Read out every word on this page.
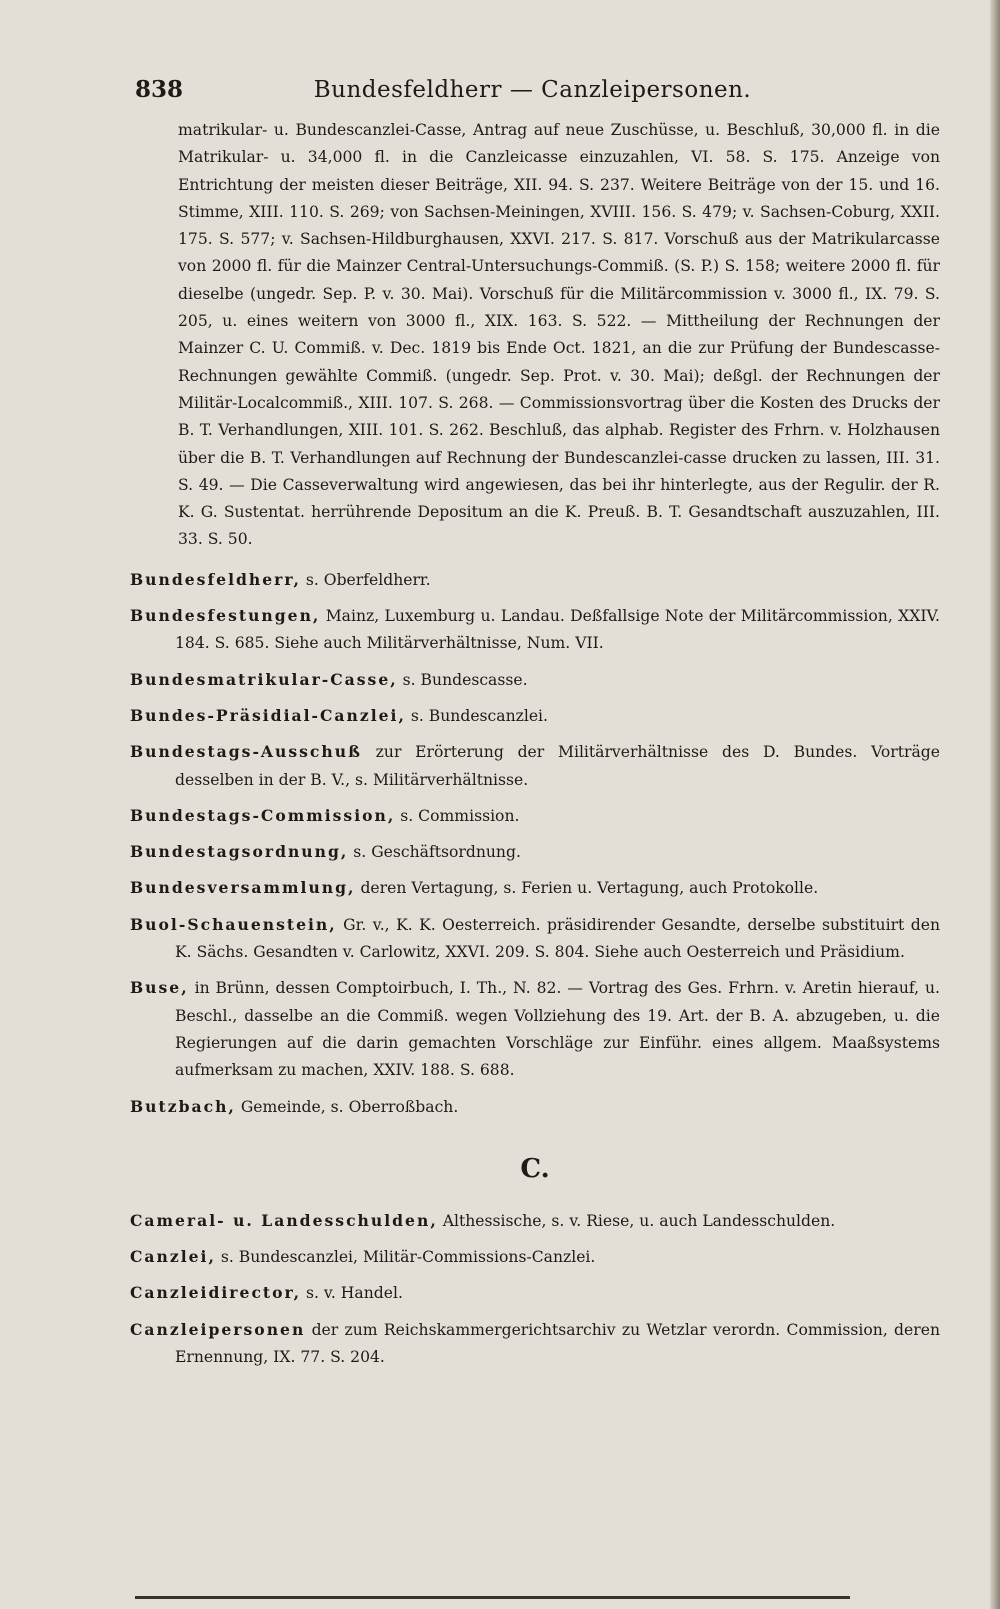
838	Bundesfeldherr — Canzleipersonen.

matrikular- u. Bundescanzlei-Casse, Antrag auf neue Zuschüsse, u. Beschluß, 30,000 fl. in die Matrikular- u. 34,000 fl. in die Canzleicasse einzuzahlen, VI. 58. S. 175. Anzeige von Entrichtung der meisten dieser Beiträge, XII. 94. S. 237. Weitere Beiträge von der 15. und 16. Stimme, XIII. 110. S. 269; von Sachsen-Meiningen, XVIII. 156. S. 479; v. Sachsen-Coburg, XXII. 175. S. 577; v. Sachsen-Hildburghausen, XXVI. 217. S. 817. Vorschuß aus der Matrikularcasse von 2000 fl. für die Mainzer Central-Untersuchungs-Commiß. (S. P.) S. 158; weitere 2000 fl. für dieselbe (ungedr. Sep. P. v. 30. Mai). Vorschuß für die Militärcommission v. 3000 fl., IX. 79. S. 205, u. eines weitern von 3000 fl., XIX. 163. S. 522. — Mittheilung der Rechnungen der Mainzer C. U. Commiß. v. Dec. 1819 bis Ende Oct. 1821, an die zur Prüfung der Bundescasse-Rechnungen gewählte Commiß. (ungedr. Sep. Prot. v. 30. Mai); deßgl. der Rechnungen der Militär-Localcommiß., XIII. 107. S. 268. — Commissionsvortrag über die Kosten des Drucks der B. T. Verhandlungen, XIII. 101. S. 262. Beschluß, das alphab. Register des Frhrn. v. Holzhausen über die B. T. Verhandlungen auf Rechnung der Bundescanzlei-casse drucken zu lassen, III. 31. S. 49. — Die Casseverwaltung wird angewiesen, das bei ihr hinterlegte, aus der Regulir. der R. K. G. Sustentat. herrührende Depositum an die K. Preuß. B. T. Gesandtschaft auszuzahlen, III. 33. S. 50.

Bundesfeldherr, s. Oberfeldherr.

Bundesfestungen, Mainz, Luxemburg u. Landau. Deßfallsige Note der Militärcommission, XXIV. 184. S. 685. Siehe auch Militärverhältnisse, Num. VII.

Bundesmatrikular-Casse, s. Bundescasse.

Bundes-Präsidial-Canzlei, s. Bundescanzlei.

Bundestags-Ausschuß zur Erörterung der Militärverhältnisse des D. Bundes. Vorträge desselben in der B. V., s. Militärverhältnisse.

Bundestags-Commission, s. Commission.

Bundestagsordnung, s. Geschäftsordnung.

Bundesversammlung, deren Vertagung, s. Ferien u. Vertagung, auch Protokolle.

Buol-Schauenstein, Gr. v., K. K. Oesterreich. präsidirender Gesandte, derselbe substituirt den K. Sächs. Gesandten v. Carlowitz, XXVI. 209. S. 804. Siehe auch Oesterreich und Präsidium.

Buse, in Brünn, dessen Comptoirbuch, I. Th., N. 82. — Vortrag des Ges. Frhrn. v. Aretin hierauf, u. Beschl., dasselbe an die Commiß. wegen Vollziehung des 19. Art. der B. A. abzugeben, u. die Regierungen auf die darin gemachten Vorschläge zur Einführ. eines allgem. Maaßsystems aufmerksam zu machen, XXIV. 188. S. 688.

Butzbach, Gemeinde, s. Oberroßbach.

C.

Cameral- u. Landesschulden, Althessische, s. v. Riese, u. auch Landesschulden.

Canzlei, s. Bundescanzlei, Militär-Commissions-Canzlei.

Canzleidirector, s. v. Handel.

Canzleipersonen der zum Reichskammergerichtsarchiv zu Wetzlar verordn. Commission, deren Ernennung, IX. 77. S. 204.
